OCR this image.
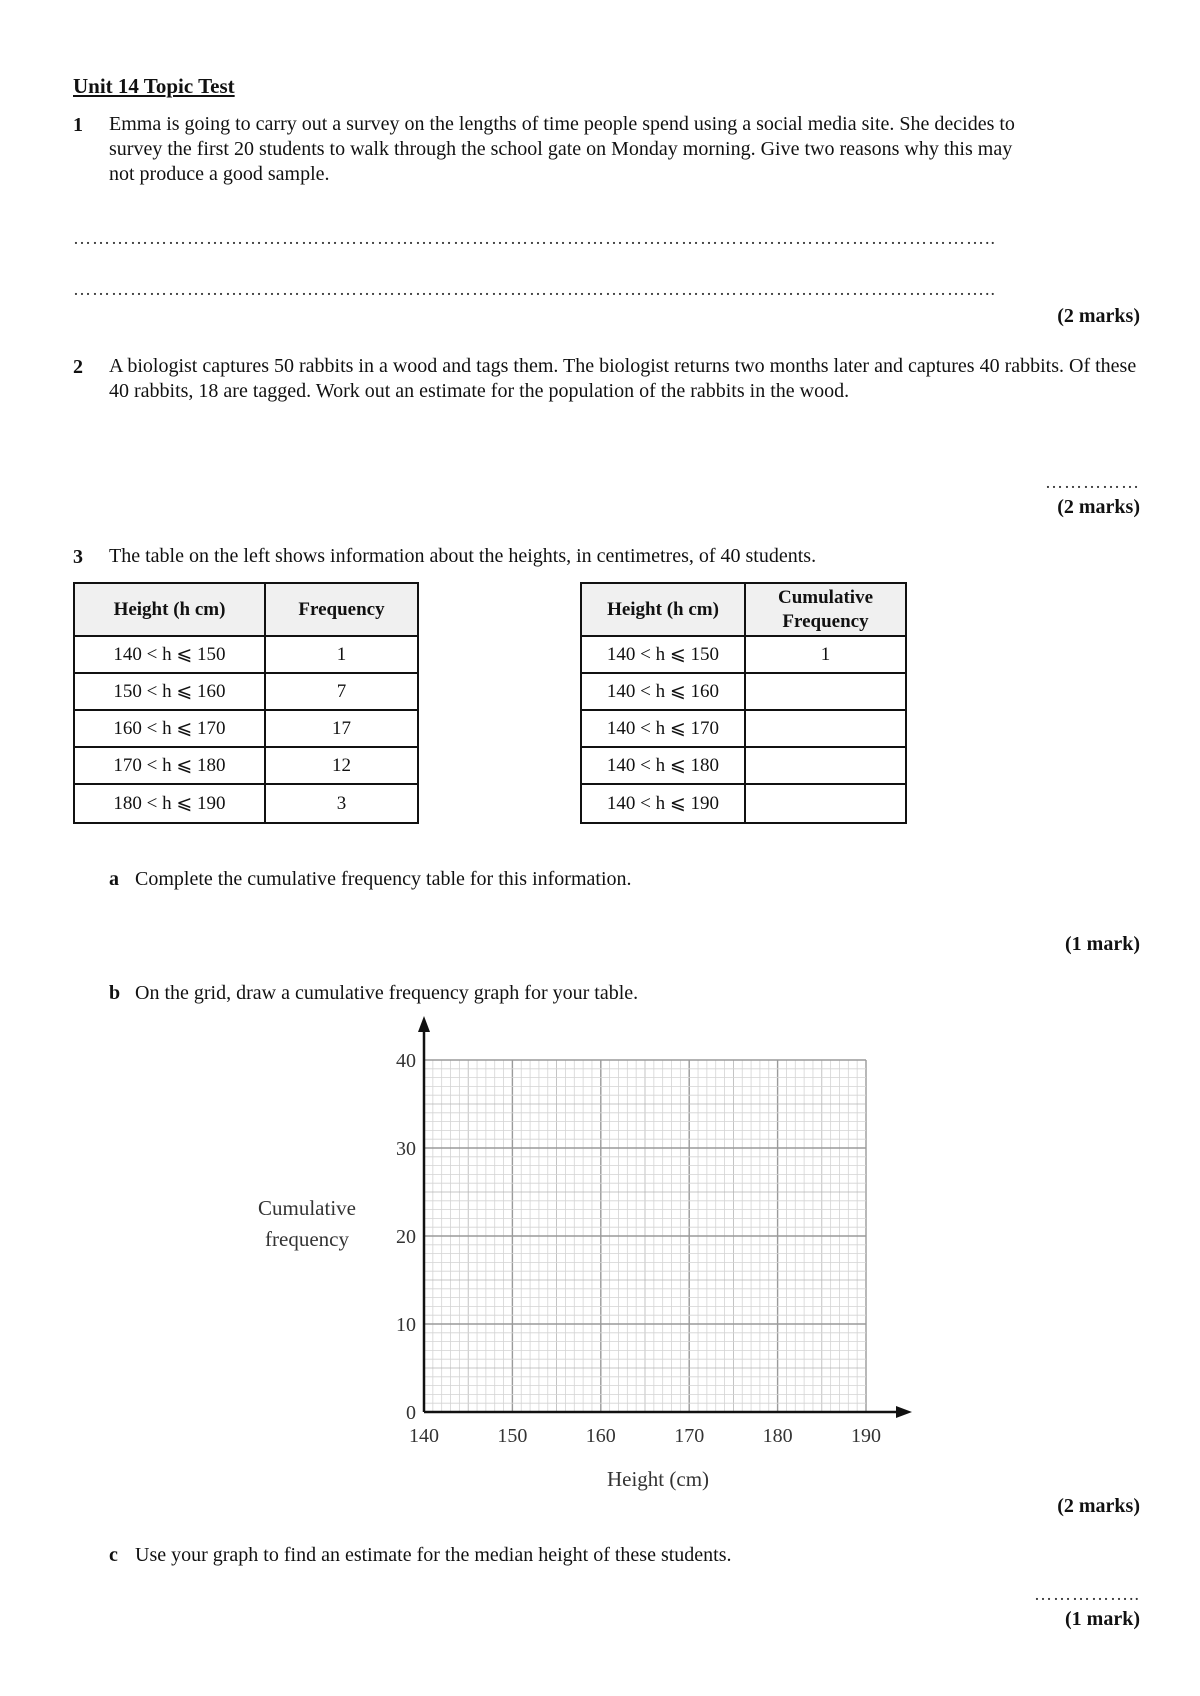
Unit 14 Topic Test
1 Emma is going to carry out a survey on the lengths of time people spend using a social media site. She decides to survey the first 20 students to walk through the school gate on Monday morning. Give two reasons why this may not produce a good sample.
………………………………………………………………………………………………………………………………..
………………………………………………………………………………………………………………………………..
(2 marks)
2 A biologist captures 50 rabbits in a wood and tags them. The biologist returns two months later and captures 40 rabbits. Of these 40 rabbits, 18 are tagged. Work out an estimate for the population of the rabbits in the wood.
……………
(2 marks)
3 The table on the left shows information about the heights, in centimetres, of 40 students.
Height (h cm)	Frequency
140 < h ⩽ 150	1
150 < h ⩽ 160	7
160 < h ⩽ 170	17
170 < h ⩽ 180	12
180 < h ⩽ 190	3
Height (h cm)	Cumulative Frequency
140 < h ⩽ 150	1
140 < h ⩽ 160	
140 < h ⩽ 170	
140 < h ⩽ 180	
140 < h ⩽ 190	
a Complete the cumulative frequency table for this information.
(1 mark)
b On the grid, draw a cumulative frequency graph for your table.
140	150	160	170	180	190
0
10
20
30
40
Height (cm)
Cumulative
frequency
(2 marks)
c Use your graph to find an estimate for the median height of these students.
……………..
(1 mark)
